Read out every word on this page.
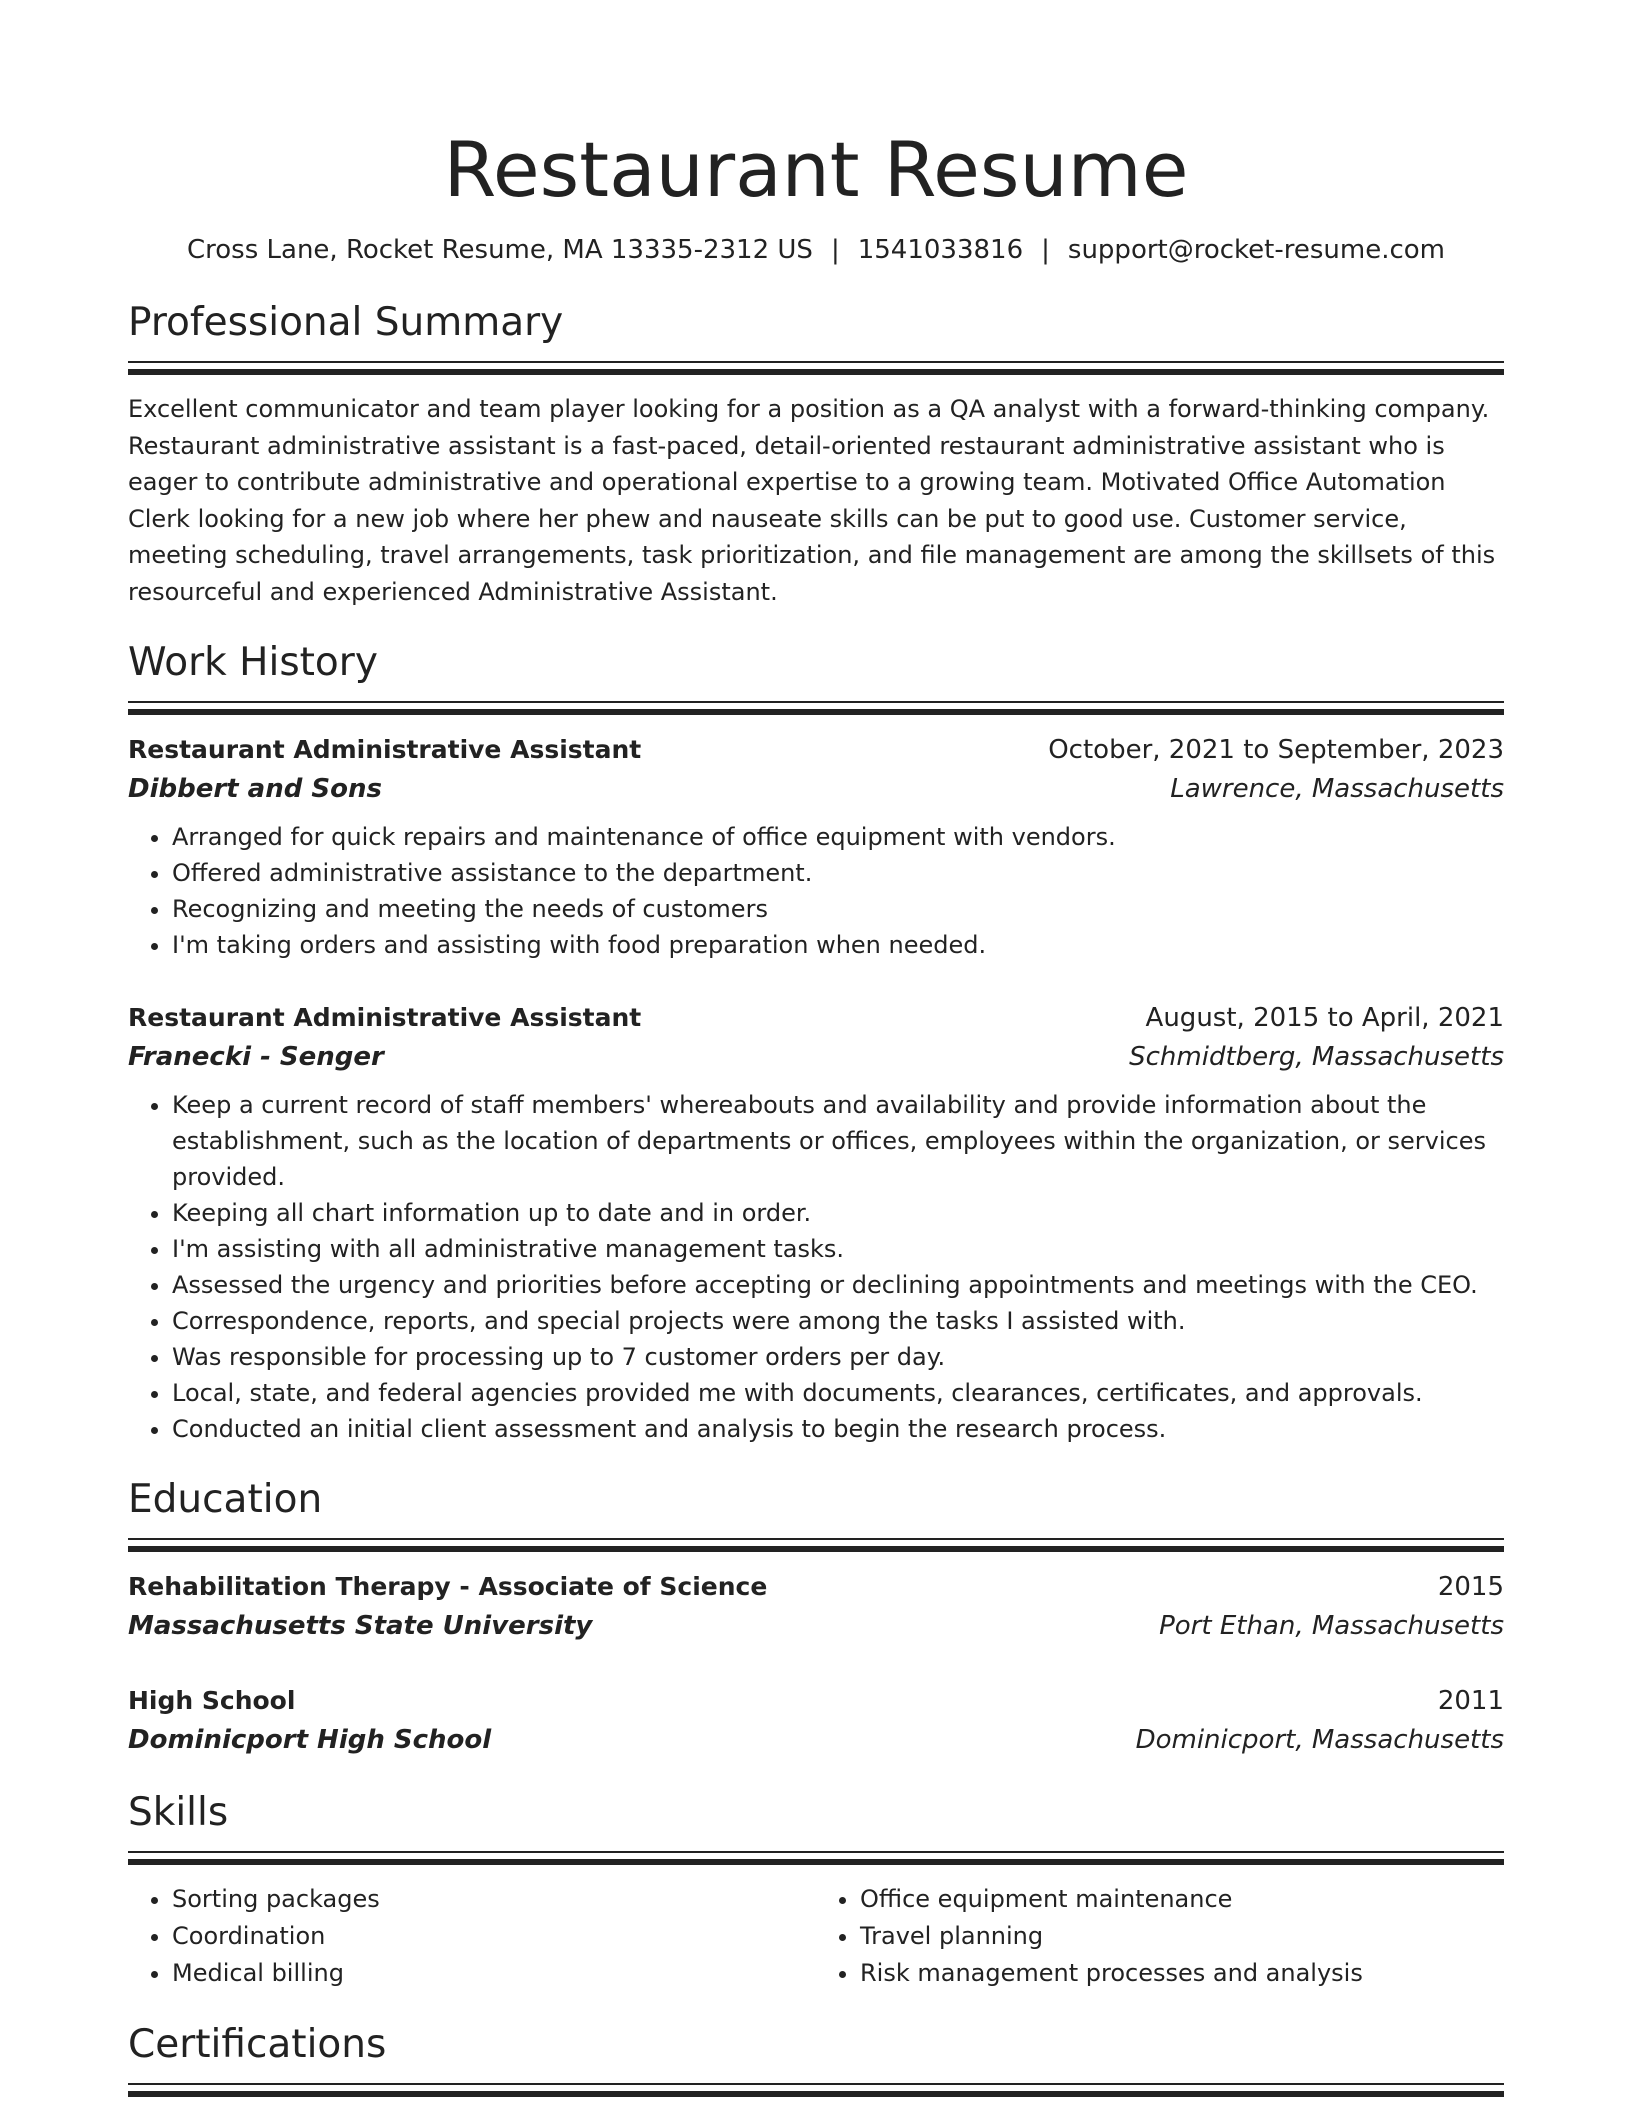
Restaurant Resume
Cross Lane, Rocket Resume, MA 13335-2312 US | 1541033816 | support@rocket-resume.com
Professional Summary

Excellent communicator and team player looking for a position as a QA analyst with a forward-thinking company. Restaurant administrative assistant is a fast-paced, detail-oriented restaurant administrative assistant who is eager to contribute administrative and operational expertise to a growing team. Motivated Office Automation Clerk looking for a new job where her phew and nauseate skills can be put to good use. Customer service, meeting scheduling, travel arrangements, task prioritization, and file management are among the skillsets of this resourceful and experienced Administrative Assistant.

Work History
Restaurant Administrative Assistant	October, 2021 to September, 2023
Dibbert and Sons	Lawrence, Massachusetts
• Arranged for quick repairs and maintenance of office equipment with vendors.
• Offered administrative assistance to the department.
• Recognizing and meeting the needs of customers
• I'm taking orders and assisting with food preparation when needed.
Restaurant Administrative Assistant	August, 2015 to April, 2021
Franecki - Senger	Schmidtberg, Massachusetts
• Keep a current record of staff members' whereabouts and availability and provide information about the establishment, such as the location of departments or offices, employees within the organization, or services provided.
• Keeping all chart information up to date and in order.
• I'm assisting with all administrative management tasks.
• Assessed the urgency and priorities before accepting or declining appointments and meetings with the CEO.
• Correspondence, reports, and special projects were among the tasks I assisted with.
• Was responsible for processing up to 7 customer orders per day.
• Local, state, and federal agencies provided me with documents, clearances, certificates, and approvals.
• Conducted an initial client assessment and analysis to begin the research process.
Education
Rehabilitation Therapy - Associate of Science	2015
Massachusetts State University	Port Ethan, Massachusetts
High School	2011
Dominicport High School	Dominicport, Massachusetts
Skills
• Sorting packages
• Coordination
• Medical billing
• Office equipment maintenance
• Travel planning
• Risk management processes and analysis
Certifications
